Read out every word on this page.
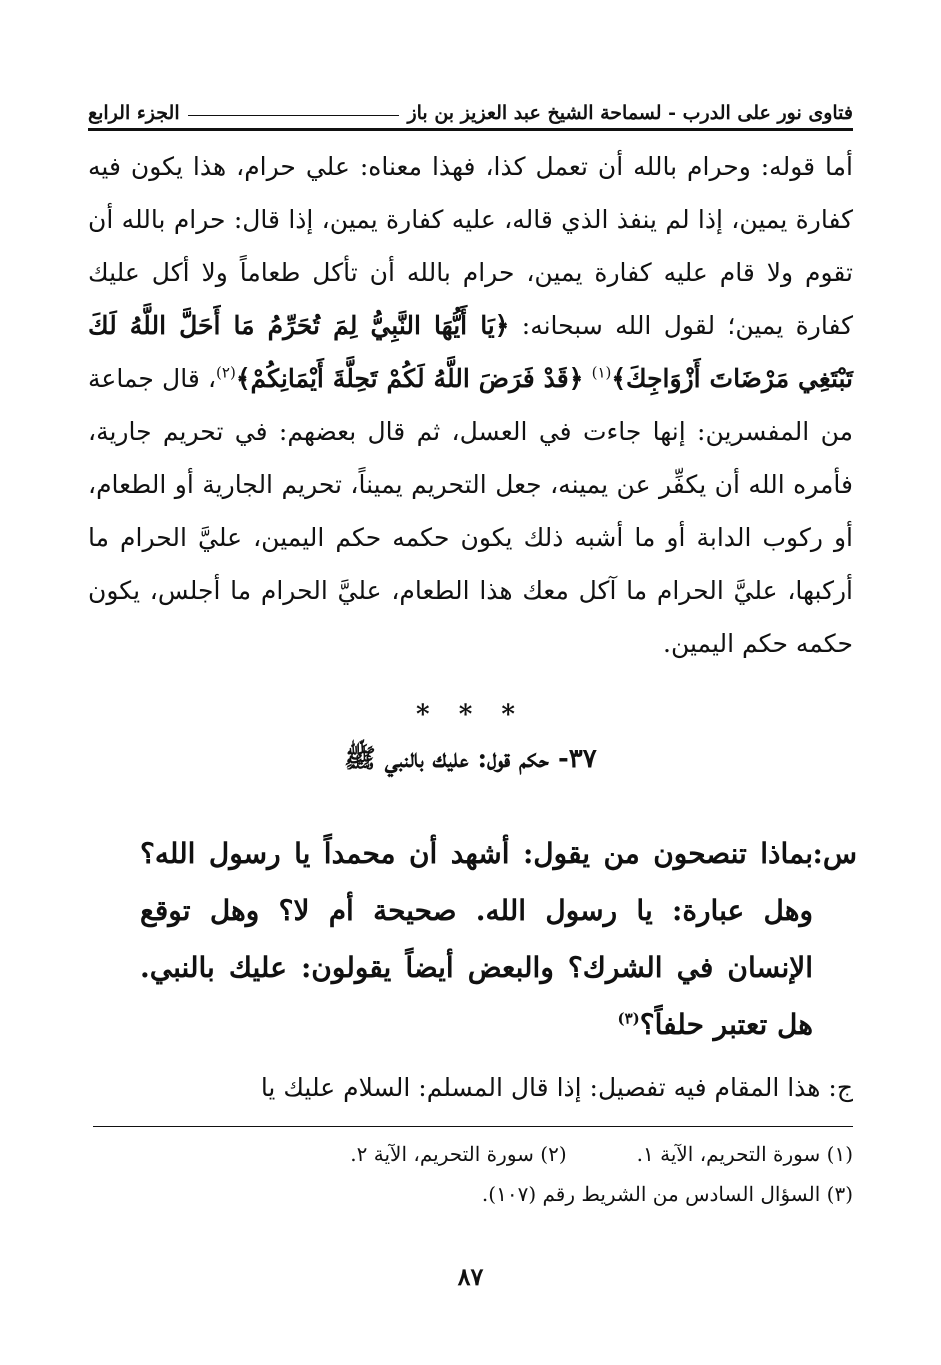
فتاوى نور على الدرب - لسماحة الشيخ عبد العزيز بن باز
الجزء الرابع

أما قوله: وحرام بالله أن تعمل كذا، فهذا معناه: علي حرام، هذا يكون فيه كفارة يمين، إذا لم ينفذ الذي قاله، عليه كفارة يمين، إذا قال: حرام بالله أن تقوم ولا قام عليه كفارة يمين، حرام بالله أن تأكل طعاماً ولا أكل عليك كفارة يمين؛ لقول الله سبحانه: ﴿يَا أَيُّهَا النَّبِيُّ لِمَ تُحَرِّمُ مَا أَحَلَّ اللَّهُ لَكَ تَبْتَغِي مَرْضَاتَ أَزْوَاجِكَ﴾$^{(١)}$ ﴿قَدْ فَرَضَ اللَّهُ لَكُمْ تَحِلَّةَ أَيْمَانِكُمْ﴾$^{(٢)}$، قال جماعة من المفسرين: إنها جاءت في العسل، ثم قال بعضهم: في تحريم جارية، فأمره الله أن يكفِّر عن يمينه، جعل التحريم يميناً، تحريم الجارية أو الطعام، أو ركوب الدابة أو ما أشبه ذلك يكون حكمه حكم اليمين، عليَّ الحرام ما أركبها، عليَّ الحرام ما آكل معك هذا الطعام، عليَّ الحرام ما أجلس، يكون حكمه حكم اليمين.

* * *
٣٧- حكم قول: عليك بالنبي ﷺ
س:
بماذا تنصحون من يقول: أشهد أن محمداً يا رسول الله؟ وهل عبارة: يا رسول الله. صحيحة أم لا؟ وهل توقع الإنسان في الشرك؟ والبعض أيضاً يقولون: عليك بالنبي. هل تعتبر حلفاً؟$^{(٣)}$
ج: هذا المقام فيه تفصيل: إذا قال المسلم: السلام عليك يا
(١) سورة التحريم، الآية ١.
(٢) سورة التحريم، الآية ٢.
(٣) السؤال السادس من الشريط رقم (١٠٧).
٨٧
